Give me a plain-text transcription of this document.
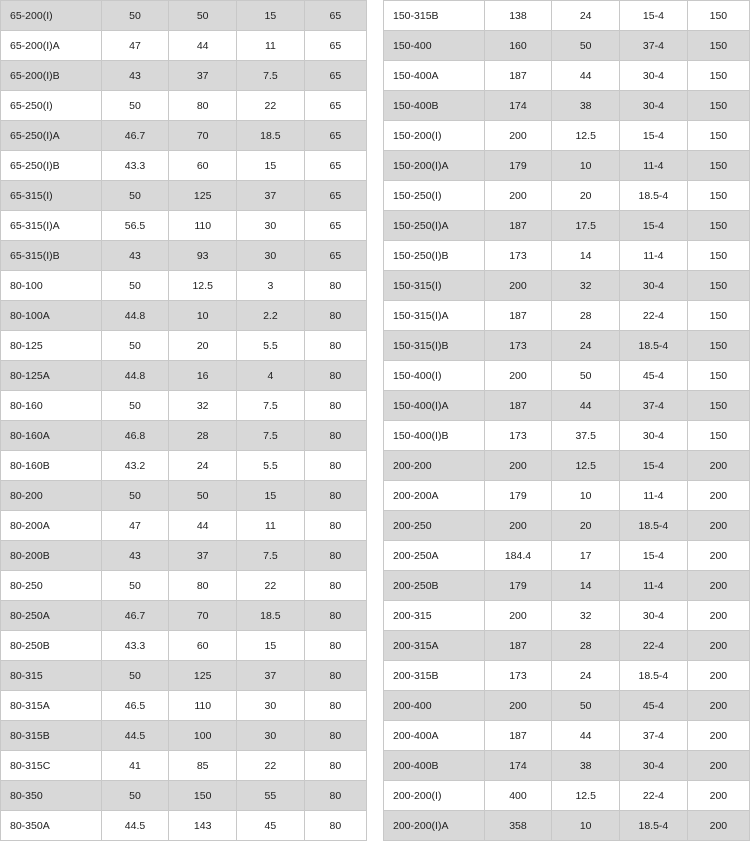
65-200(I)	50	50	15	65
65-200(I)A	47	44	11	65
65-200(I)B	43	37	7.5	65
65-250(I)	50	80	22	65
65-250(I)A	46.7	70	18.5	65
65-250(I)B	43.3	60	15	65
65-315(I)	50	125	37	65
65-315(I)A	56.5	110	30	65
65-315(I)B	43	93	30	65
80-100	50	12.5	3	80
80-100A	44.8	10	2.2	80
80-125	50	20	5.5	80
80-125A	44.8	16	4	80
80-160	50	32	7.5	80
80-160A	46.8	28	7.5	80
80-160B	43.2	24	5.5	80
80-200	50	50	15	80
80-200A	47	44	11	80
80-200B	43	37	7.5	80
80-250	50	80	22	80
80-250A	46.7	70	18.5	80
80-250B	43.3	60	15	80
80-315	50	125	37	80
80-315A	46.5	110	30	80
80-315B	44.5	100	30	80
80-315C	41	85	22	80
80-350	50	150	55	80
80-350A	44.5	143	45	80
150-315B	138	24	15-4	150
150-400	160	50	37-4	150
150-400A	187	44	30-4	150
150-400B	174	38	30-4	150
150-200(I)	200	12.5	15-4	150
150-200(I)A	179	10	11-4	150
150-250(I)	200	20	18.5-4	150
150-250(I)A	187	17.5	15-4	150
150-250(I)B	173	14	11-4	150
150-315(I)	200	32	30-4	150
150-315(I)A	187	28	22-4	150
150-315(I)B	173	24	18.5-4	150
150-400(I)	200	50	45-4	150
150-400(I)A	187	44	37-4	150
150-400(I)B	173	37.5	30-4	150
200-200	200	12.5	15-4	200
200-200A	179	10	11-4	200
200-250	200	20	18.5-4	200
200-250A	184.4	17	15-4	200
200-250B	179	14	11-4	200
200-315	200	32	30-4	200
200-315A	187	28	22-4	200
200-315B	173	24	18.5-4	200
200-400	200	50	45-4	200
200-400A	187	44	37-4	200
200-400B	174	38	30-4	200
200-200(I)	400	12.5	22-4	200
200-200(I)A	358	10	18.5-4	200
